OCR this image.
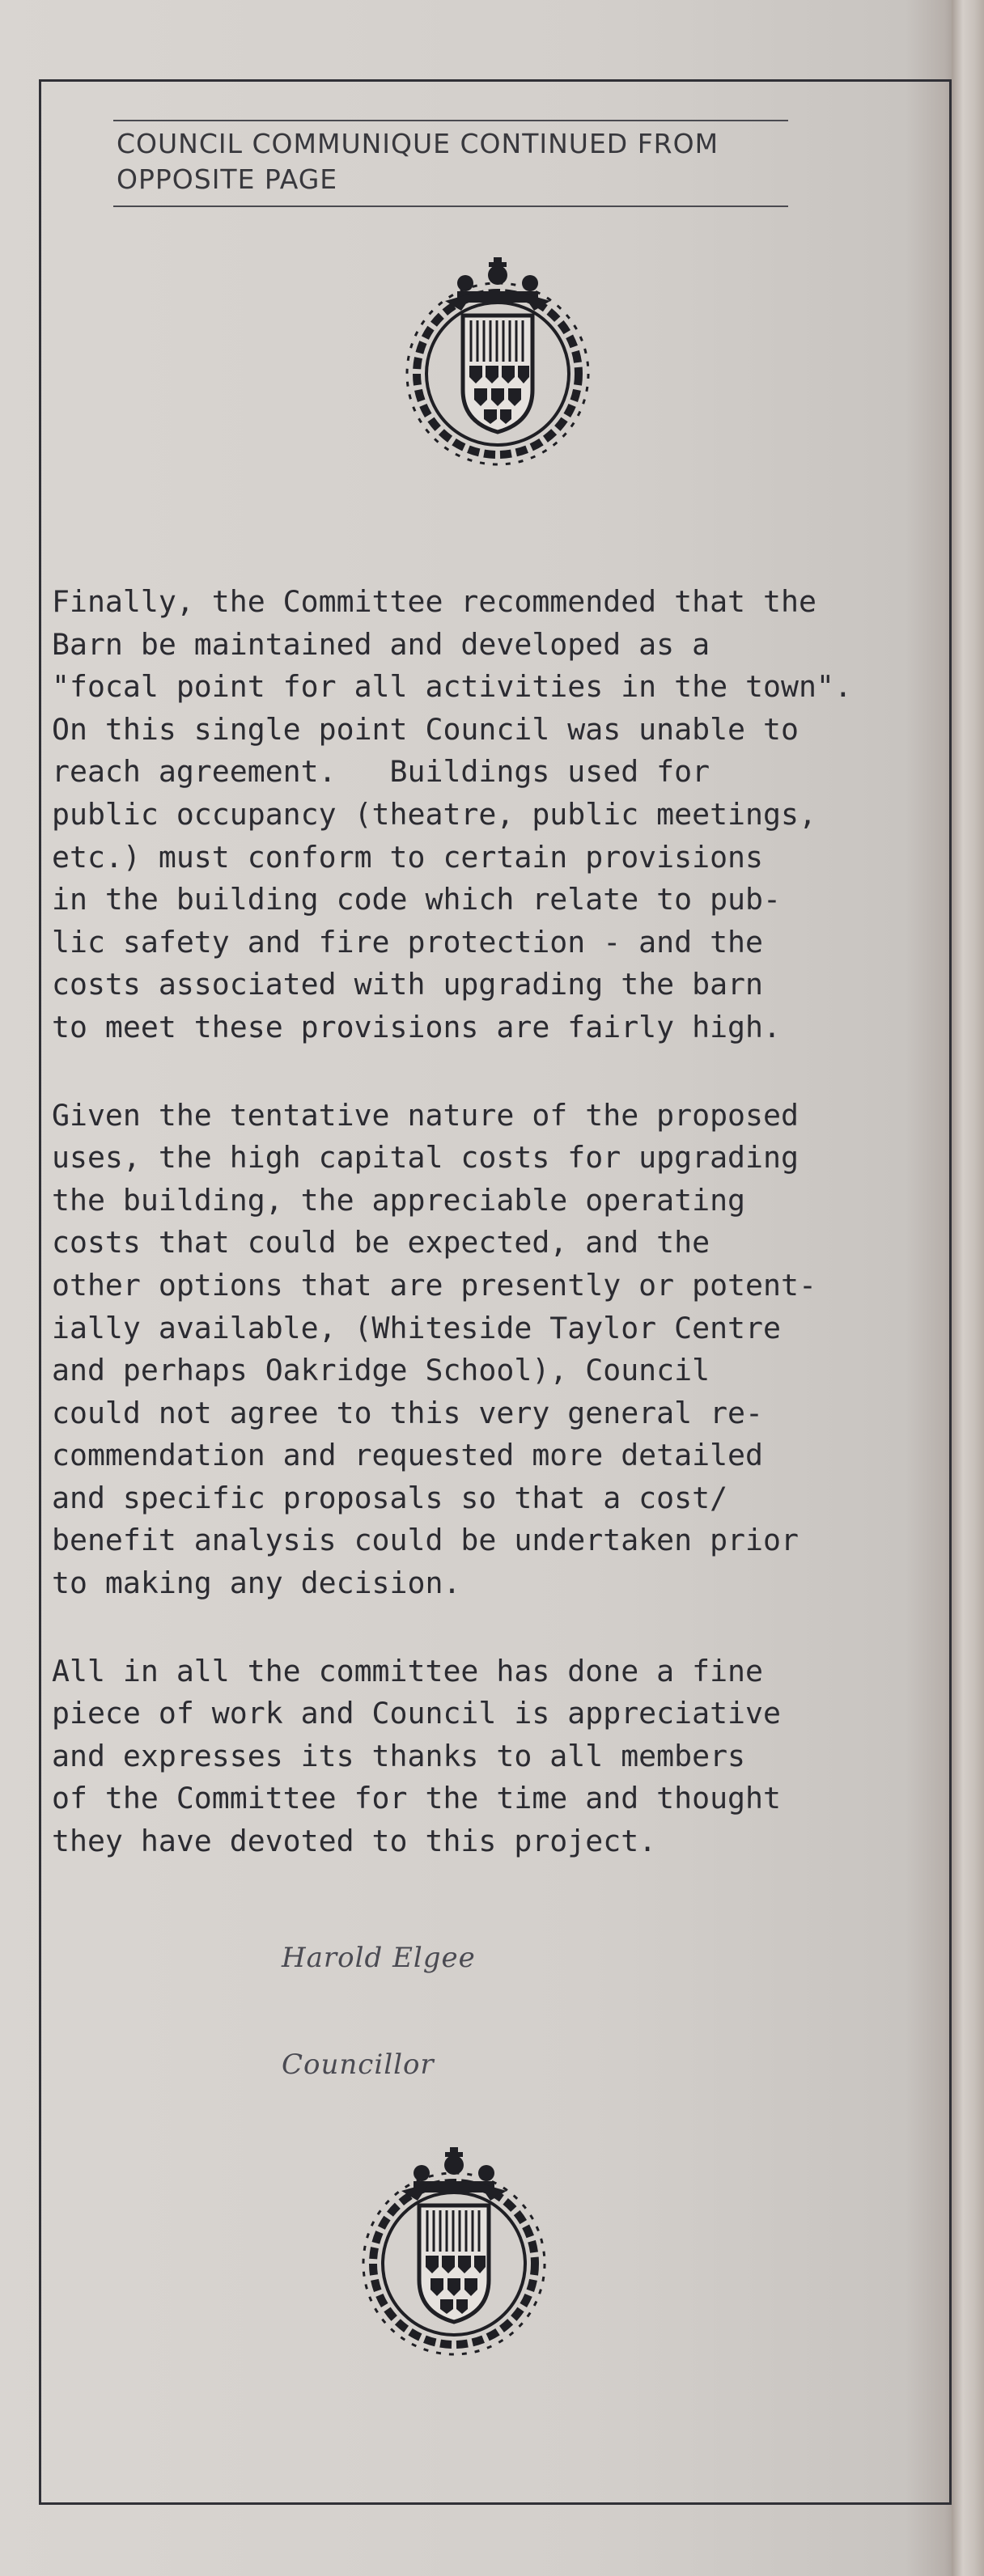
COUNCIL COMMUNIQUE CONTINUED FROM
OPPOSITE PAGE

Finally, the Committee recommended that the
Barn be maintained and developed as a
"focal point for all activities in the town".
On this single point Council was unable to
reach agreement.   Buildings used for
public occupancy (theatre, public meetings,
etc.) must conform to certain provisions
in the building code which relate to pub-
lic safety and fire protection - and the
costs associated with upgrading the barn
to meet these provisions are fairly high.

Given the tentative nature of the proposed
uses, the high capital costs for upgrading
the building, the appreciable operating
costs that could be expected, and the
other options that are presently or potent-
ially available, (Whiteside Taylor Centre
and perhaps Oakridge School), Council
could not agree to this very general re-
commendation and requested more detailed
and specific proposals so that a cost/
benefit analysis could be undertaken prior
to making any decision.

All in all the committee has done a fine
piece of work and Council is appreciative
and expresses its thanks to all members
of the Committee for the time and thought
they have devoted to this project.

Harold Elgee
Councillor
